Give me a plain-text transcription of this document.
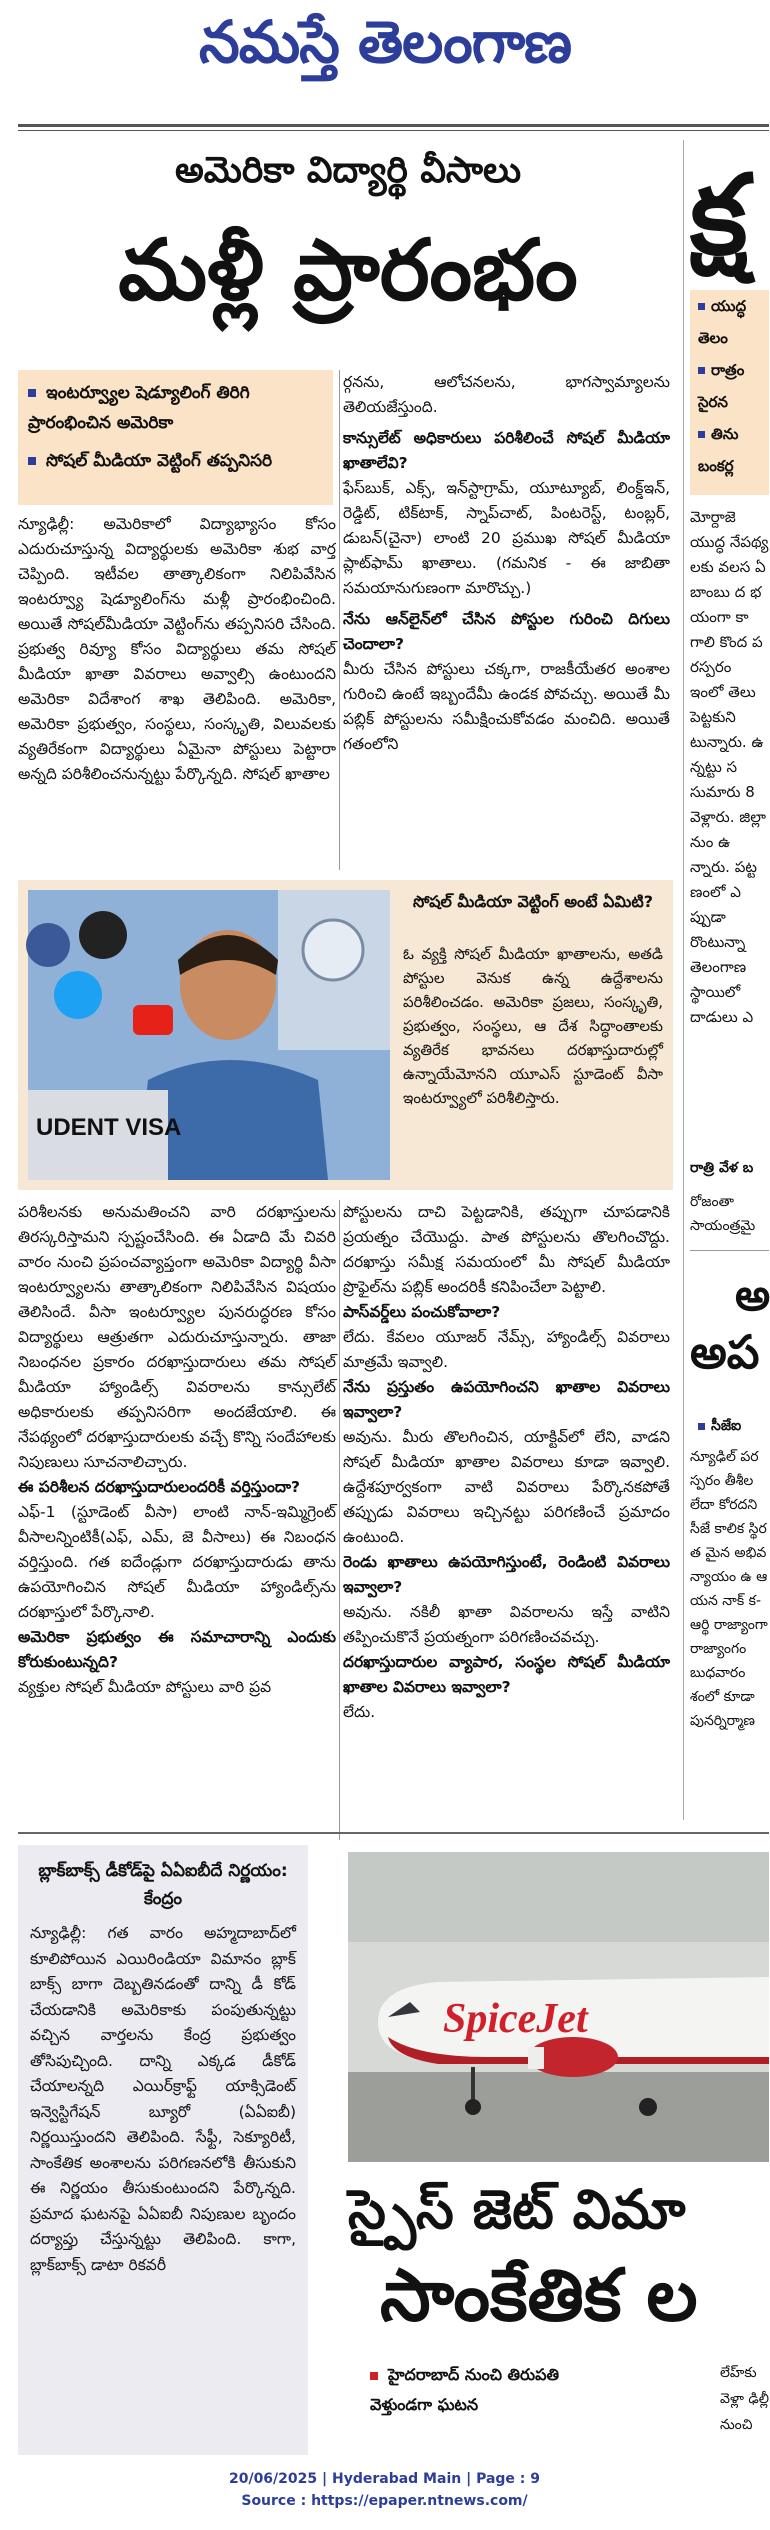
నమస్తే తెలంగాణ
అమెరికా విద్యార్థి వీసాలు
మళ్లీ ప్రారంభం
ఇంటర్వ్యూల షెడ్యూలింగ్ తిరిగి ప్రారంభించిన అమెరికా
సోషల్ మీడియా వెట్టింగ్ తప్పనిసరి

న్యూఢిల్లీ: అమెరికాలో విద్యాభ్యాసం కోసం ఎదురుచూస్తున్న విద్యార్థులకు అమెరికా శుభ వార్త చెప్పింది. ఇటీవల తాత్కాలికంగా నిలిపివేసిన ఇంటర్వ్యూ షెడ్యూలింగ్‌ను మళ్లీ ప్రారంభించింది. అయితే సోషల్‌మీడియా వెట్టింగ్‌ను తప్పనిసరి చేసింది. ప్రభుత్వ రివ్యూ కోసం విద్యార్థులు తమ సోషల్ మీడియా ఖాతా వివరాలు అవ్వాల్సి ఉంటుందని అమెరికా విదేశాంగ శాఖ తెలిపింది. అమెరికా, అమెరికా ప్రభుత్వం, సంస్థలు, సంస్కృతి, విలువలకు వ్యతిరేకంగా విద్యార్థులు ఏమైనా పోస్టులు పెట్టారా అన్నది పరిశీలించనున్నట్టు పేర్కొన్నది. సోషల్ ఖాతాల

ర్గనను, ఆలోచనలను, భాగస్వామ్యాలను తెలియజేస్తుంది.

కాన్సులేట్ అధికారులు పరిశీలించే సోషల్ మీడియా ఖాతాలేవి?

ఫేస్‌బుక్, ఎక్స్, ఇన్‌స్టాగ్రామ్, యూట్యూబ్, లింక్డ్‌ఇన్, రెడ్డిట్, టిక్‌టాక్, స్నాప్‌చాట్, పింటరెస్ట్, టంబ్లర్, డుబన్(చైనా) లాంటి 20 ప్రముఖ సోషల్ మీడియా ప్లాట్‌ఫామ్ ఖాతాలు. (గమనిక - ఈ జాబితా సమయానుగుణంగా మారొచ్చు.)

నేను ఆన్‌లైన్‌లో చేసిన పోస్టుల గురించి దిగులు చెందాలా?

మీరు చేసిన పోస్టులు చక్కగా, రాజకీయేతర అంశాల గురించి ఉంటే ఇబ్బందేమీ ఉండక పోవచ్చు. అయితే మీ పబ్లిక్ పోస్టులను సమీక్షించుకోవడం మంచిది. అయితే గతంలోని

UDENT VISA
సోషల్ మీడియా వెట్టింగ్ అంటే ఏమిటి?
ఓ వ్యక్తి సోషల్ మీడియా ఖాతాలను, అతడి పోస్టుల వెనుక ఉన్న ఉద్దేశాలను పరిశీలించడం. అమెరికా ప్రజలు, సంస్కృతి, ప్రభుత్వం, సంస్థలు, ఆ దేశ సిద్ధాంతాలకు వ్యతిరేక భావనలు దరఖాస్తుదారుల్లో ఉన్నాయేమోనని యూఎస్ స్టూడెంట్ వీసా ఇంటర్వ్యూలో పరిశీలిస్తారు.

పరిశీలనకు అనుమతించని వారి దరఖాస్తులను తిరస్కరిస్తామని స్పష్టంచేసింది. ఈ ఏడాది మే చివరి వారం నుంచి ప్రపంచవ్యాప్తంగా అమెరికా విద్యార్థి వీసా ఇంటర్వ్యూలను తాత్కాలికంగా నిలిపివేసిన విషయం తెలిసిందే. వీసా ఇంటర్వ్యూల పునరుద్ధరణ కోసం విద్యార్థులు ఆత్రుతగా ఎదురుచూస్తున్నారు. తాజా నిబంధనల ప్రకారం దరఖాస్తుదారులు తమ సోషల్ మీడియా హ్యాండిల్స్ వివరాలను కాన్సులేట్ అధికారులకు తప్పనిసరిగా అందజేయాలి. ఈ నేపథ్యంలో దరఖాస్తుదారులకు వచ్చే కొన్ని సందేహాలకు నిపుణులు సూచనాలిచ్చారు.

ఈ పరిశీలన దరఖాస్తుదారులందరికీ వర్తిస్తుందా?

ఎఫ్-1 (స్టూడెంట్ వీసా) లాంటి నాన్-ఇమ్మిగ్రెంట్ వీసాలన్నింటికీ(ఎఫ్, ఎమ్, జె వీసాలు) ఈ నిబంధన వర్తిస్తుంది. గత ఐదేండ్లుగా దరఖాస్తుదారుడు తాను ఉపయోగించిన సోషల్ మీడియా హ్యాండిల్స్‌ను దరఖాస్తులో పేర్కొనాలి.

అమెరికా ప్రభుత్వం ఈ సమాచారాన్ని ఎందుకు కోరుకుంటున్నది?

వ్యక్తుల సోషల్ మీడియా పోస్టులు వారి ప్రవ

పోస్టులను దాచి పెట్టడానికి, తప్పుగా చూపడానికి ప్రయత్నం చేయొద్దు. పాత పోస్టులను తొలగించొద్దు. దరఖాస్తు సమీక్ష సమయంలో మీ సోషల్ మీడియా ప్రొఫైల్‌ను పబ్లిక్ అందరికీ కనిపించేలా పెట్టాలి.

పాస్‌వర్డ్‌లు పంచుకోవాలా?

లేదు. కేవలం యూజర్ నేమ్స్, హ్యాండిల్స్ వివరాలు మాత్రమే ఇవ్వాలి.

నేను ప్రస్తుతం ఉపయోగించని ఖాతాల వివరాలు ఇవ్వాలా?

అవును. మీరు తొలగించిన, యాక్టివ్‌లో లేని, వాడని సోషల్ మీడియా ఖాతాల వివరాలు కూడా ఇవ్వాలి. ఉద్దేశపూర్వకంగా వాటి వివరాలు పేర్కొనకపోతే తప్పుడు వివరాలు ఇచ్చినట్టు పరిగణించే ప్రమాదం ఉంటుంది.

రెండు ఖాతాలు ఉపయోగిస్తుంటే, రెండింటి వివరాలు ఇవ్వాలా?

అవును. నకిలీ ఖాతా వివరాలను ఇస్తే వాటిని తప్పించుకొనే ప్రయత్నంగా పరిగణించవచ్చు.

దరఖాస్తుదారుల వ్యాపార, సంస్థల సోషల్ మీడియా ఖాతాల వివరాలు ఇవ్వాలా?

లేదు.

క్ష
యుద్ధ
తెలం
రాత్రం
సైరన
తిను
బంకర్ల
మోర్దాజె యుద్ధ నేపథ్య లకు వలస ఏ బాంబు ద భయంగా కా గాలి కొంద పరస్పరం ఇంలో తెలు పెట్టకుని టున్నారు. ఉన్నట్టు స సుమారు 8 వెళ్లారు. జిల్లా నుం ఉన్నారు. పట్టణంలో ఎప్పుడా రొంటున్నా తెలంగాణ స్థాయిలో దాడులు ఎ
రాత్రి వేళ బ
రోజంతా సాయంత్రమై
అ
అప
సీజేఐ
న్యూఢిల్ పరస్పరం తీశీల లేదా కోరదని సీజే కాలిక స్థిరత మైన అభివ న్యాయం ఉ ఆయన నాక్ క-ఆర్థి రాజ్యాంగా రాజ్యాంగం బుధవారం శంలో కూడా పునర్నిర్మాణ
బ్లాక్‌బాక్స్ డీకోడ్‌పై ఏఏఐబీదే నిర్ణయం: కేంద్రం
న్యూఢిల్లీ: గత వారం అహ్మదాబాద్‌లో కూలిపోయిన ఎయిరిండియా విమానం బ్లాక్ బాక్స్ బాగా దెబ్బతినడంతో దాన్ని డీ కోడ్ చేయడానికి అమెరికాకు పంపుతున్నట్టు వచ్చిన వార్తలను కేంద్ర ప్రభుత్వం తోసిపుచ్చింది. దాన్ని ఎక్కడ డీకోడ్ చేయాలన్నది ఎయిర్‌క్రాఫ్ట్ యాక్సిడెంట్ ఇన్వెస్టిగేషన్ బ్యూరో (ఏఏఐబీ) నిర్ణయిస్తుందని తెలిపింది. సేఫ్టీ, సెక్యూరిటీ, సాంకేతిక అంశాలను పరిగణనలోకి తీసుకుని ఈ నిర్ణయం తీసుకుంటుందని పేర్కొన్నది. ప్రమాద ఘటనపై ఏఏఐబీ నిపుణుల బృందం దర్యాప్తు చేస్తున్నట్టు తెలిపింది. కాగా, బ్లాక్‌బాక్స్ డాటా రికవరీ
SpiceJet
స్పైస్ జెట్ విమా
సాంకేతిక ల
హైదరాబాద్ నుంచి తిరుపతి వెళ్తుండగా ఘటన
లేహ్‌కు వెళ్లా ఢిల్లీ నుంచి
20/06/2025 | Hyderabad Main | Page : 9
Source : https://epaper.ntnews.com/
